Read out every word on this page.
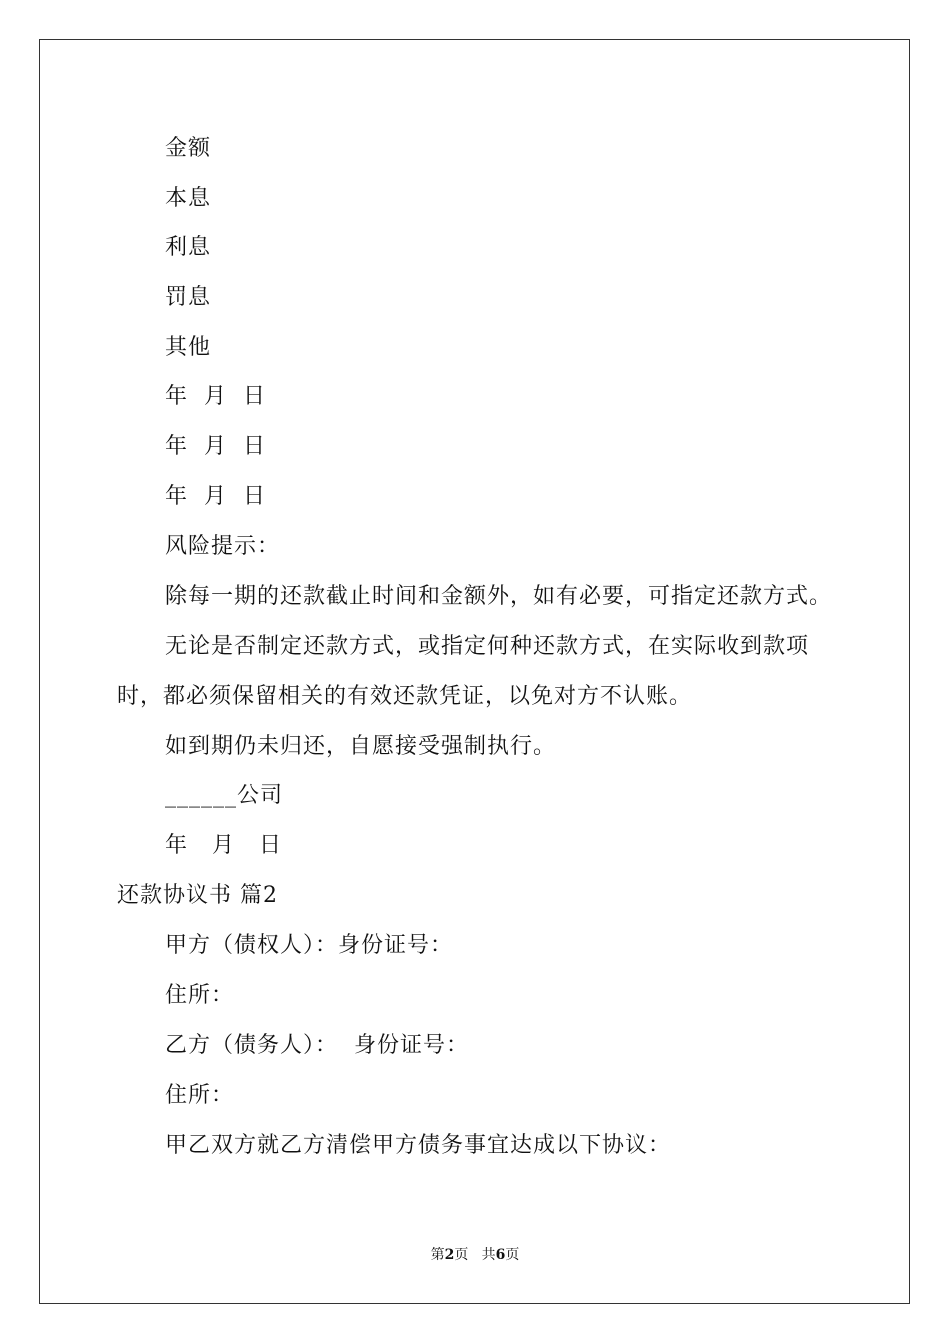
金额
本息
利息
罚息
其他
年  月  日
年  月  日
年  月  日
风险提示：
除每一期的还款截止时间和金额外，如有必要，可指定还款方式。
无论是否制定还款方式，或指定何种还款方式，在实际收到款项
时，都必须保留相关的有效还款凭证，以免对方不认账。
如到期仍未归还，自愿接受强制执行。
______公司
年   月   日
还款协议书 篇2
甲方（债权人）：身份证号：
住所：
乙方（债务人）：  身份证号：
住所：
甲乙双方就乙方清偿甲方债务事宜达成以下协议：
第2页   共6页
